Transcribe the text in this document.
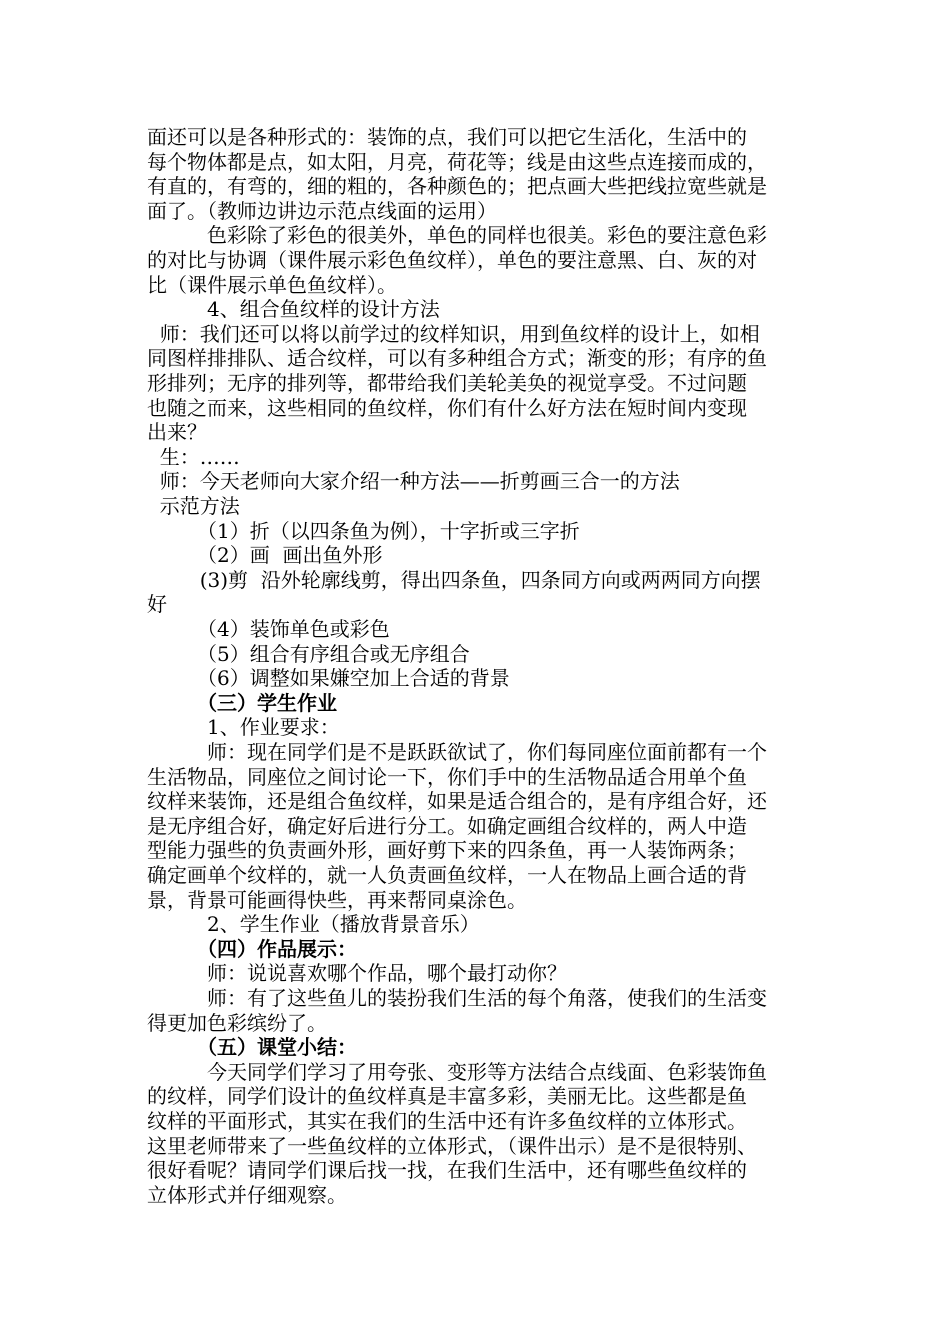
面还可以是各种形式的：装饰的点，我们可以把它生活化，生活中的
每个物体都是点，如太阳，月亮，荷花等；线是由这些点连接而成的，
有直的，有弯的，细的粗的，各种颜色的；把点画大些把线拉宽些就是
面了。（教师边讲边示范点线面的运用）
　　　色彩除了彩色的很美外，单色的同样也很美。彩色的要注意色彩
的对比与协调（课件展示彩色鱼纹样），单色的要注意黑、白、灰的对
比（课件展示单色鱼纹样）。
　　　4、组合鱼纹样的设计方法
师：我们还可以将以前学过的纹样知识，用到鱼纹样的设计上，如相
同图样排排队、适合纹样，可以有多种组合方式；渐变的形；有序的鱼
形排列；无序的排列等，都带给我们美轮美奂的视觉享受。不过问题
也随之而来，这些相同的鱼纹样，你们有什么好方法在短时间内变现
出来？
生：……
师：今天老师向大家介绍一种方法——折剪画三合一的方法
示范方法
　　　（1）折（以四条鱼为例），十字折或三字折
　　　（2）画  画出鱼外形
　　  (3)剪  沿外轮廓线剪，得出四条鱼，四条同方向或两两同方向摆
好
　　　（4）装饰单色或彩色
　　　（5）组合有序组合或无序组合
　　　（6）调整如果嫌空加上合适的背景
　　　（三）学生作业
　　　1、作业要求：
　　　师：现在同学们是不是跃跃欲试了，你们每同座位面前都有一个
生活物品，同座位之间讨论一下，你们手中的生活物品适合用单个鱼
纹样来装饰，还是组合鱼纹样，如果是适合组合的，是有序组合好，还
是无序组合好，确定好后进行分工。如确定画组合纹样的，两人中造
型能力强些的负责画外形，画好剪下来的四条鱼，再一人装饰两条；
确定画单个纹样的，就一人负责画鱼纹样，一人在物品上画合适的背
景，背景可能画得快些，再来帮同桌涂色。
　　　2、学生作业（播放背景音乐）
　　　（四）作品展示：
　　　师：说说喜欢哪个作品，哪个最打动你？
　　　师：有了这些鱼儿的装扮我们生活的每个角落，使我们的生活变
得更加色彩缤纷了。
　　　（五）课堂小结：
　　　今天同学们学习了用夸张、变形等方法结合点线面、色彩装饰鱼
的纹样，同学们设计的鱼纹样真是丰富多彩，美丽无比。这些都是鱼
纹样的平面形式，其实在我们的生活中还有许多鱼纹样的立体形式。
这里老师带来了一些鱼纹样的立体形式，（课件出示）是不是很特别、
很好看呢？请同学们课后找一找，在我们生活中，还有哪些鱼纹样的
立体形式并仔细观察。
